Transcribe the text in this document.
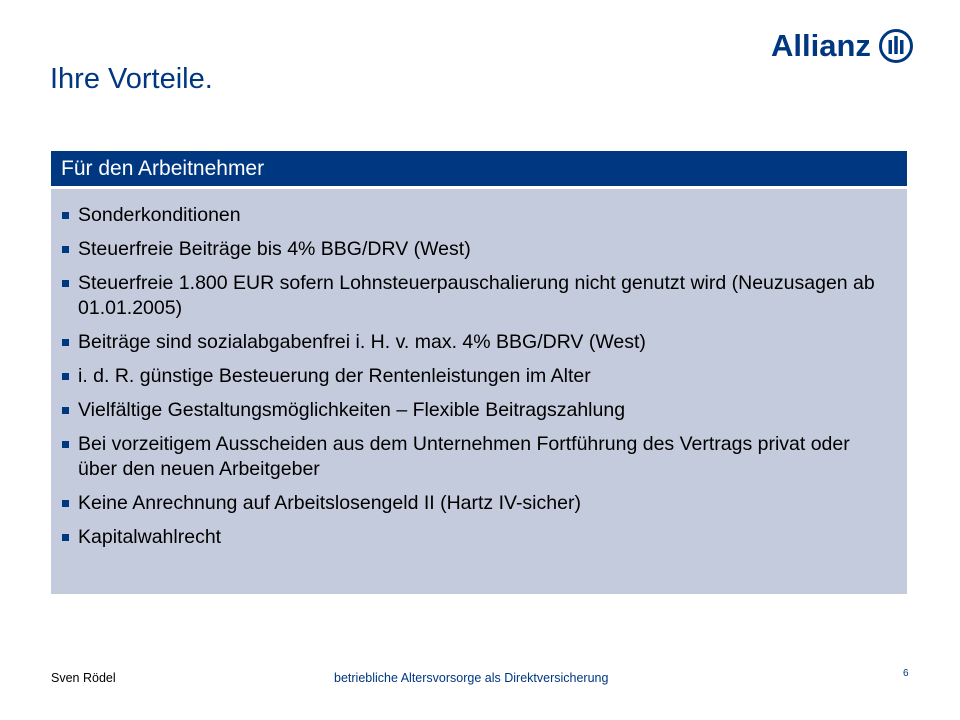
Allianz
Ihre Vorteile.
Für den Arbeitnehmer
Sonderkonditionen
Steuerfreie Beiträge bis 4% BBG/DRV (West)
Steuerfreie 1.800 EUR sofern Lohnsteuerpauschalierung nicht genutzt wird (Neuzusagen ab 01.01.2005)
Beiträge sind sozialabgabenfrei i. H. v. max. 4% BBG/DRV (West)
i. d. R. günstige Besteuerung der Rentenleistungen im Alter
Vielfältige Gestaltungsmöglichkeiten – Flexible Beitragszahlung
Bei vorzeitigem Ausscheiden aus dem Unternehmen Fortführung des Vertrags privat oder über den neuen Arbeitgeber
Keine Anrechnung auf Arbeitslosengeld II (Hartz IV-sicher)
Kapitalwahlrecht
Sven Rödel	betriebliche Altersvorsorge als Direktversicherung	6
